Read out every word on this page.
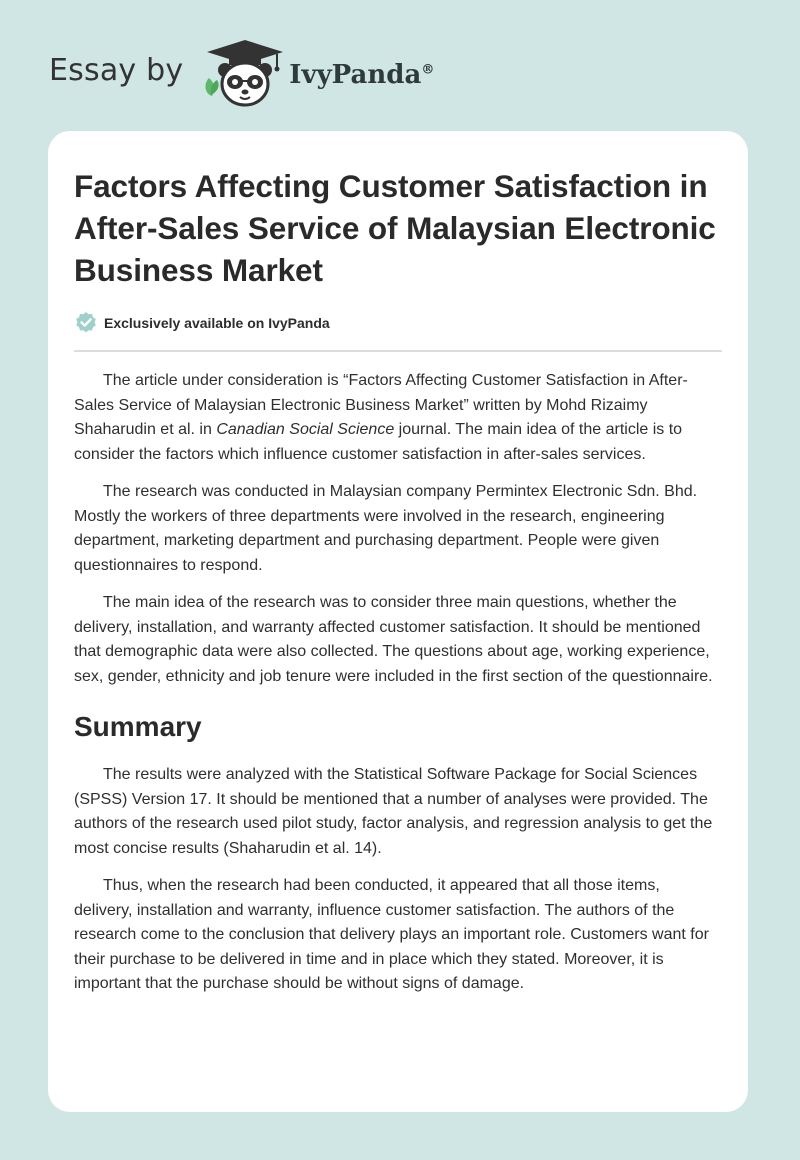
Essay by	IvyPanda®
Factors Affecting Customer Satisfaction in After-Sales Service of Malaysian Electronic Business Market
Exclusively available on IvyPanda

The article under consideration is “Factors Affecting Customer Satisfaction in After-Sales Service of Malaysian Electronic Business Market” written by Mohd Rizaimy Shaharudin et al. in Canadian Social Science journal. The main idea of the article is to consider the factors which influence customer satisfaction in after-sales services.

The research was conducted in Malaysian company Permintex Electronic Sdn. Bhd. Mostly the workers of three departments were involved in the research, engineering department, marketing department and purchasing department. People were given questionnaires to respond.

The main idea of the research was to consider three main questions, whether the delivery, installation, and warranty affected customer satisfaction. It should be mentioned that demographic data were also collected. The questions about age, working experience, sex, gender, ethnicity and job tenure were included in the first section of the questionnaire.

Summary

The results were analyzed with the Statistical Software Package for Social Sciences (SPSS) Version 17. It should be mentioned that a number of analyses were provided. The authors of the research used pilot study, factor analysis, and regression analysis to get the most concise results (Shaharudin et al. 14).

Thus, when the research had been conducted, it appeared that all those items, delivery, installation and warranty, influence customer satisfaction. The authors of the research come to the conclusion that delivery plays an important role. Customers want for their purchase to be delivered in time and in place which they stated. Moreover, it is important that the purchase should be without signs of damage.
